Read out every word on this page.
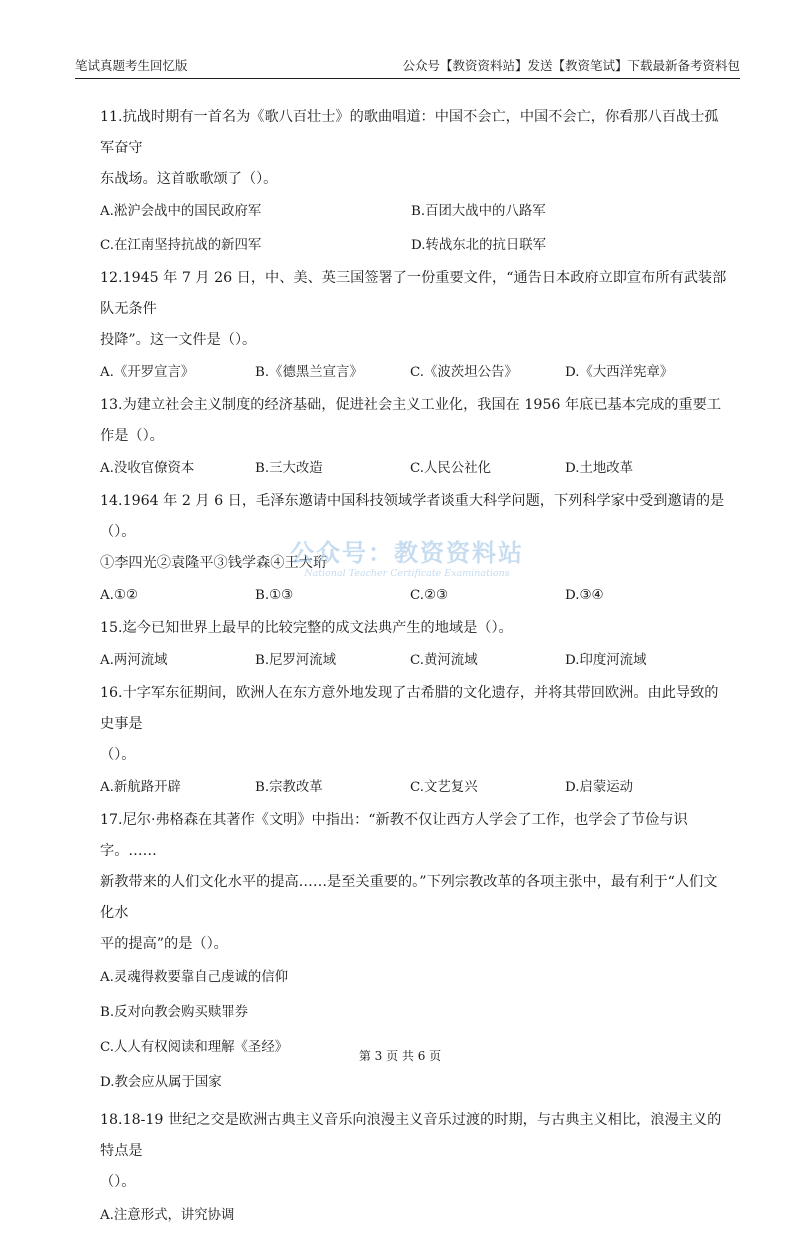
笔试真题考生回忆版	公众号【教资资料站】发送【教资笔试】下载最新备考资料包

11.抗战时期有一首名为《歌八百壮士》的歌曲唱道：中国不会亡，中国不会亡，你看那八百战士孤军奋守

东战场。这首歌歌颂了（）。

A.淞沪会战中的国民政府军	B.百团大战中的八路军
C.在江南坚持抗战的新四军	D.转战东北的抗日联军

12.1945 年 7 月 26 日，中、美、英三国签署了一份重要文件，“通告日本政府立即宣布所有武装部队无条件

投降”。这一文件是（）。

A.《开罗宣言》	B.《德黑兰宣言》	C.《波茨坦公告》	D.《大西洋宪章》

13.为建立社会主义制度的经济基础，促进社会主义工业化，我国在 1956 年底已基本完成的重要工作是（）。

A.没收官僚资本	B.三大改造	C.人民公社化	D.土地改革

14.1964 年 2 月 6 日，毛泽东邀请中国科技领域学者谈重大科学问题，下列科学家中受到邀请的是（）。

①李四光②袁隆平③钱学森④王大珩

A.①②	B.①③	C.②③	D.③④

15.迄今已知世界上最早的比较完整的成文法典产生的地域是（）。

A.两河流域	B.尼罗河流域	C.黄河流域	D.印度河流域

16.十字军东征期间，欧洲人在东方意外地发现了古希腊的文化遗存，并将其带回欧洲。由此导致的史事是

（）。

A.新航路开辟	B.宗教改革	C.文艺复兴	D.启蒙运动

17.尼尔·弗格森在其著作《文明》中指出：“新教不仅让西方人学会了工作，也学会了节俭与识字。……

新教带来的人们文化水平的提高……是至关重要的。”下列宗教改革的各项主张中，最有利于“人们文化水

平的提高”的是（）。

A.灵魂得救要靠自己虔诚的信仰
B.反对向教会购买赎罪券
C.人人有权阅读和理解《圣经》
D.教会应从属于国家

18.18-19 世纪之交是欧洲古典主义音乐向浪漫主义音乐过渡的时期，与古典主义相比，浪漫主义的特点是

（）。

A.注意形式，讲究协调
公众号：教资资料站
National Teacher Certificate Examinations
第 3 页 共 6 页
